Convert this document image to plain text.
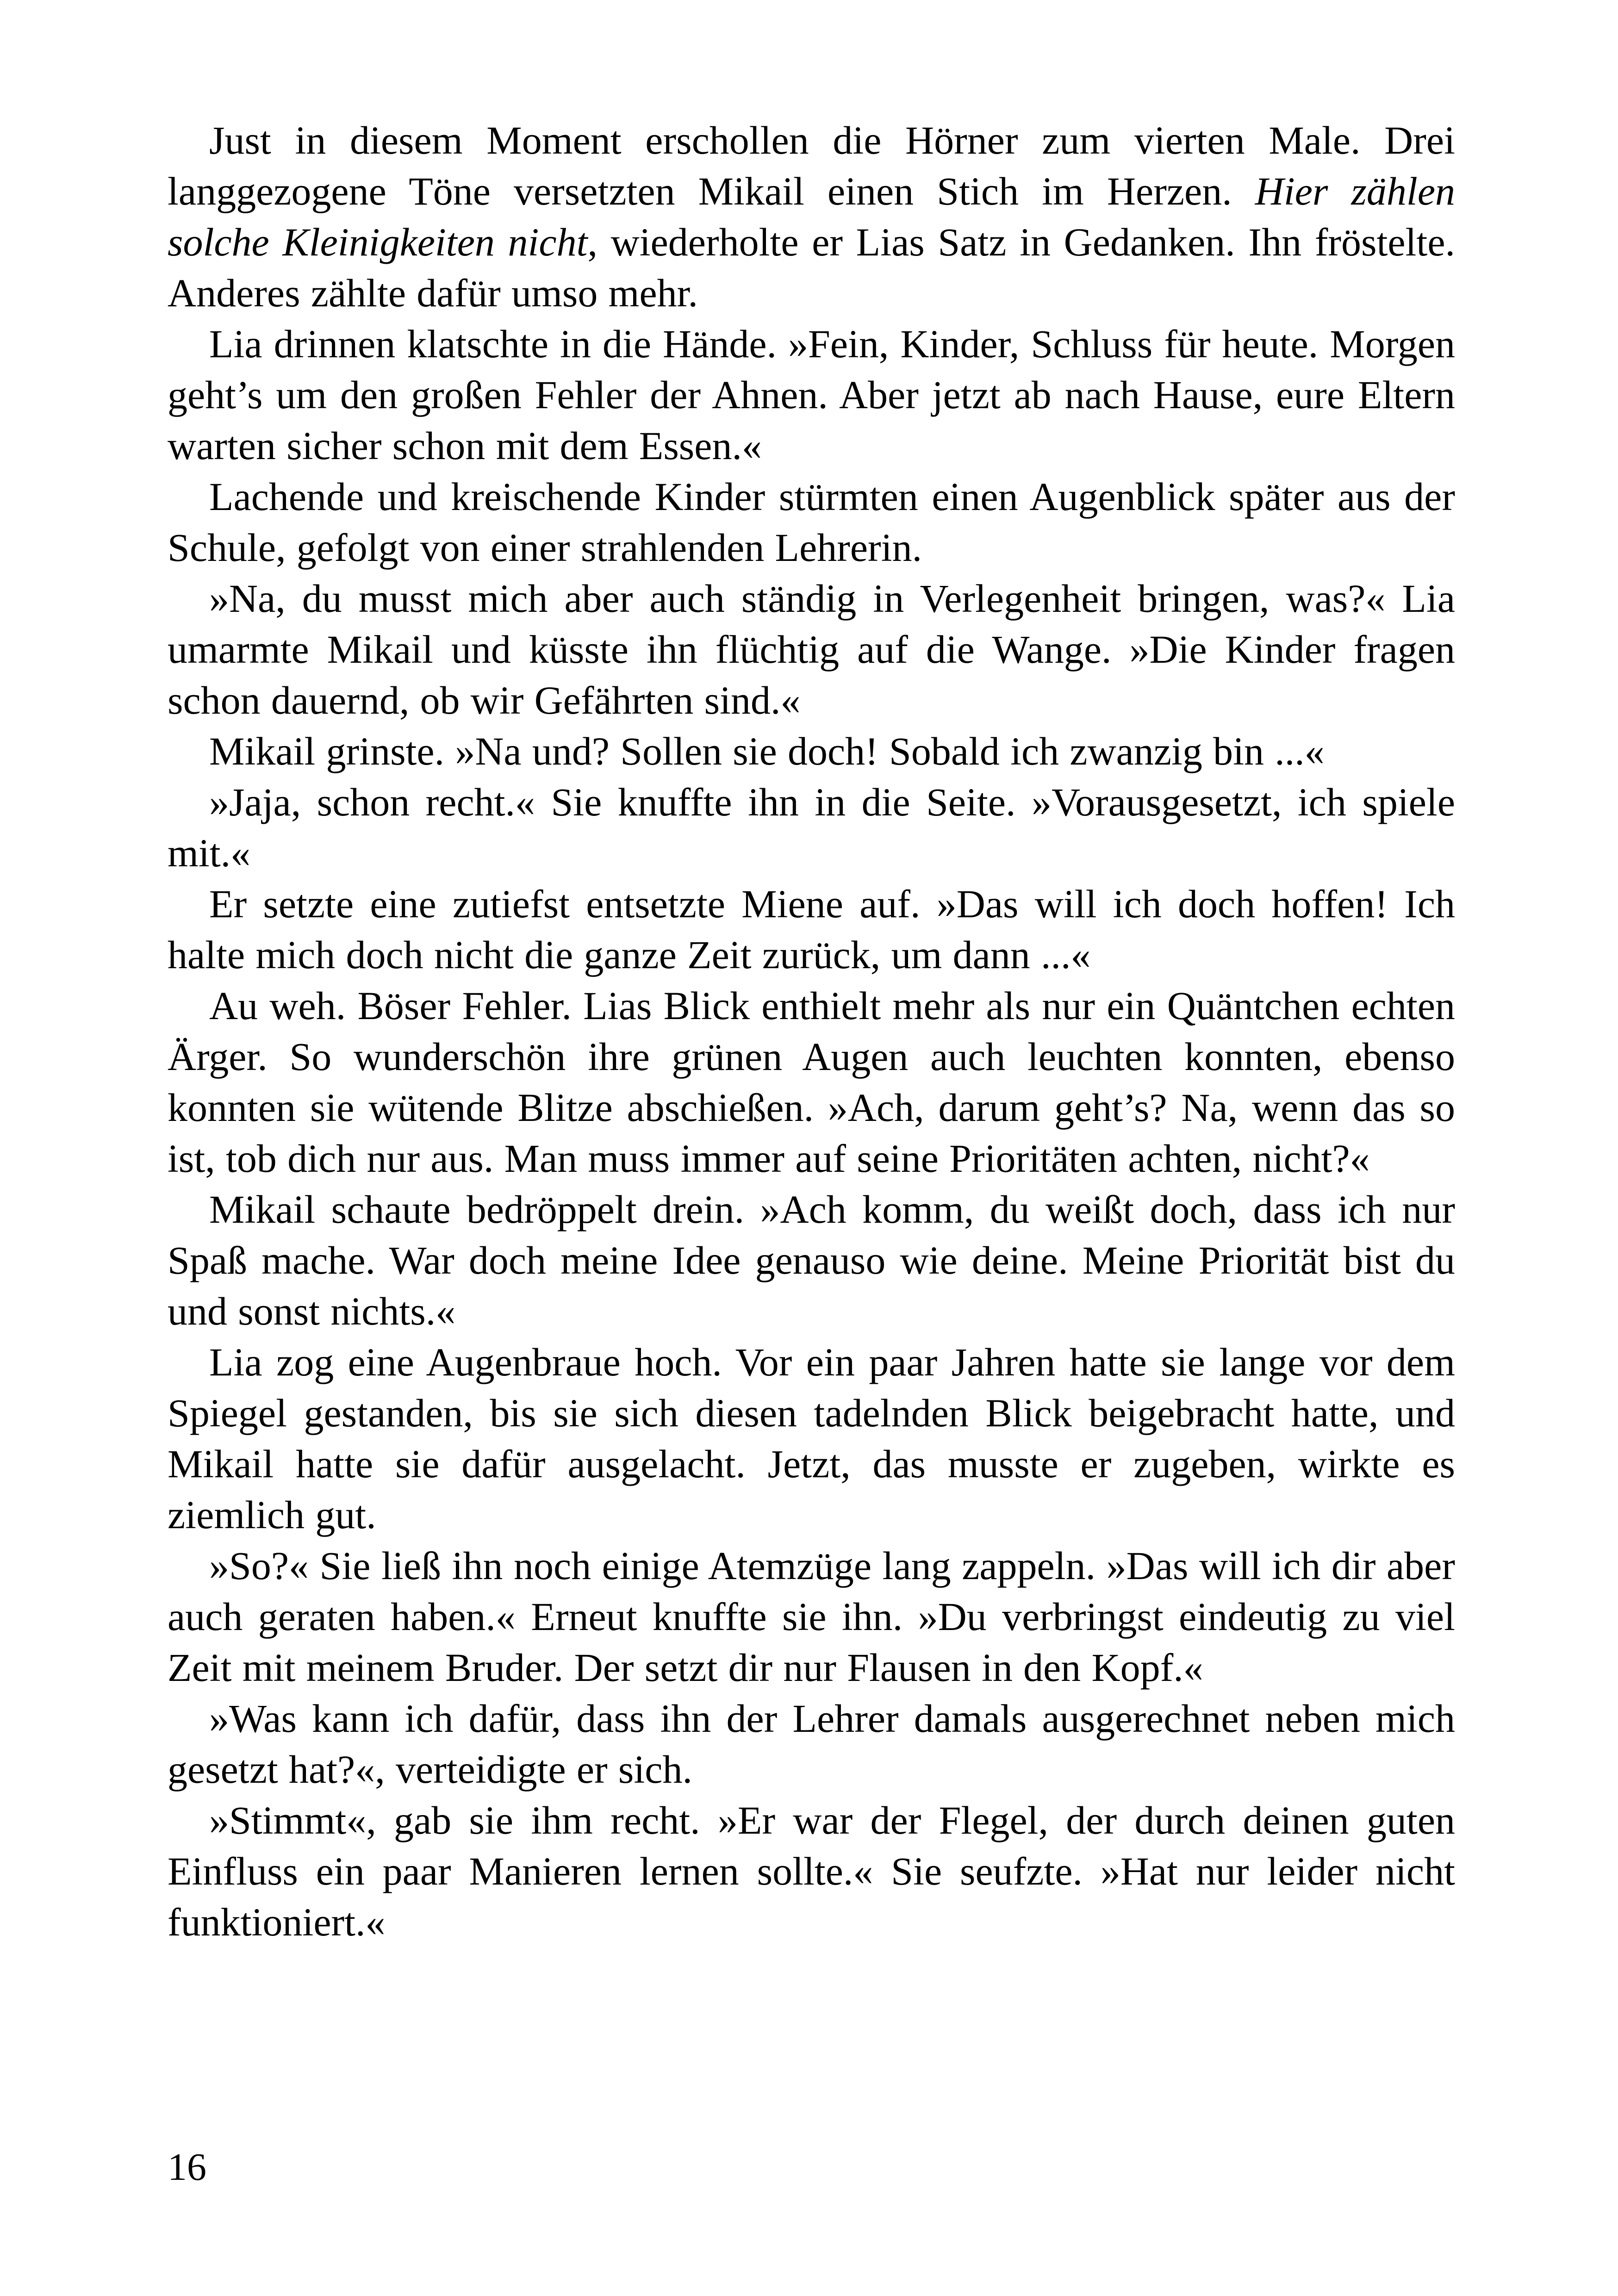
Just in diesem Moment erschollen die Hörner zum vierten Male. Drei langgezogene Töne versetzten Mikail einen Stich im Herzen. Hier zählen solche Kleinigkeiten nicht, wiederholte er Lias Satz in Gedanken. Ihn fröstelte. Anderes zählte dafür umso mehr.

Lia drinnen klatschte in die Hände. »Fein, Kinder, Schluss für heute. Morgen geht’s um den großen Fehler der Ahnen. Aber jetzt ab nach Hause, eure Eltern warten sicher schon mit dem Essen.«

Lachende und kreischende Kinder stürmten einen Augenblick später aus der Schule, gefolgt von einer strahlenden Lehrerin.

»Na, du musst mich aber auch ständig in Verlegenheit bringen, was?« Lia umarmte Mikail und küsste ihn flüchtig auf die Wange. »Die Kinder fragen schon dauernd, ob wir Gefährten sind.«

Mikail grinste. »Na und? Sollen sie doch! Sobald ich zwanzig bin ...«

»Jaja, schon recht.« Sie knuffte ihn in die Seite. »Vorausgesetzt, ich spiele mit.«

Er setzte eine zutiefst entsetzte Miene auf. »Das will ich doch hoffen! Ich halte mich doch nicht die ganze Zeit zurück, um dann ...«

Au weh. Böser Fehler. Lias Blick enthielt mehr als nur ein Quäntchen echten Ärger. So wunderschön ihre grünen Augen auch leuchten konnten, ebenso konnten sie wütende Blitze abschießen. »Ach, darum geht’s? Na, wenn das so ist, tob dich nur aus. Man muss immer auf seine Prioritäten achten, nicht?«

Mikail schaute bedröppelt drein. »Ach komm, du weißt doch, dass ich nur Spaß mache. War doch meine Idee genauso wie deine. Meine Priorität bist du und sonst nichts.«

Lia zog eine Augenbraue hoch. Vor ein paar Jahren hatte sie lange vor dem Spiegel gestanden, bis sie sich diesen tadelnden Blick beigebracht hatte, und Mikail hatte sie dafür ausgelacht. Jetzt, das musste er zugeben, wirkte es ziemlich gut.

»So?« Sie ließ ihn noch einige Atemzüge lang zappeln. »Das will ich dir aber auch geraten haben.« Erneut knuffte sie ihn. »Du verbringst eindeutig zu viel Zeit mit meinem Bruder. Der setzt dir nur Flausen in den Kopf.«

»Was kann ich dafür, dass ihn der Lehrer damals ausgerechnet neben mich gesetzt hat?«, verteidigte er sich.

»Stimmt«, gab sie ihm recht. »Er war der Flegel, der durch deinen guten Einfluss ein paar Manieren lernen sollte.« Sie seufzte. »Hat nur leider nicht funktioniert.«

16
